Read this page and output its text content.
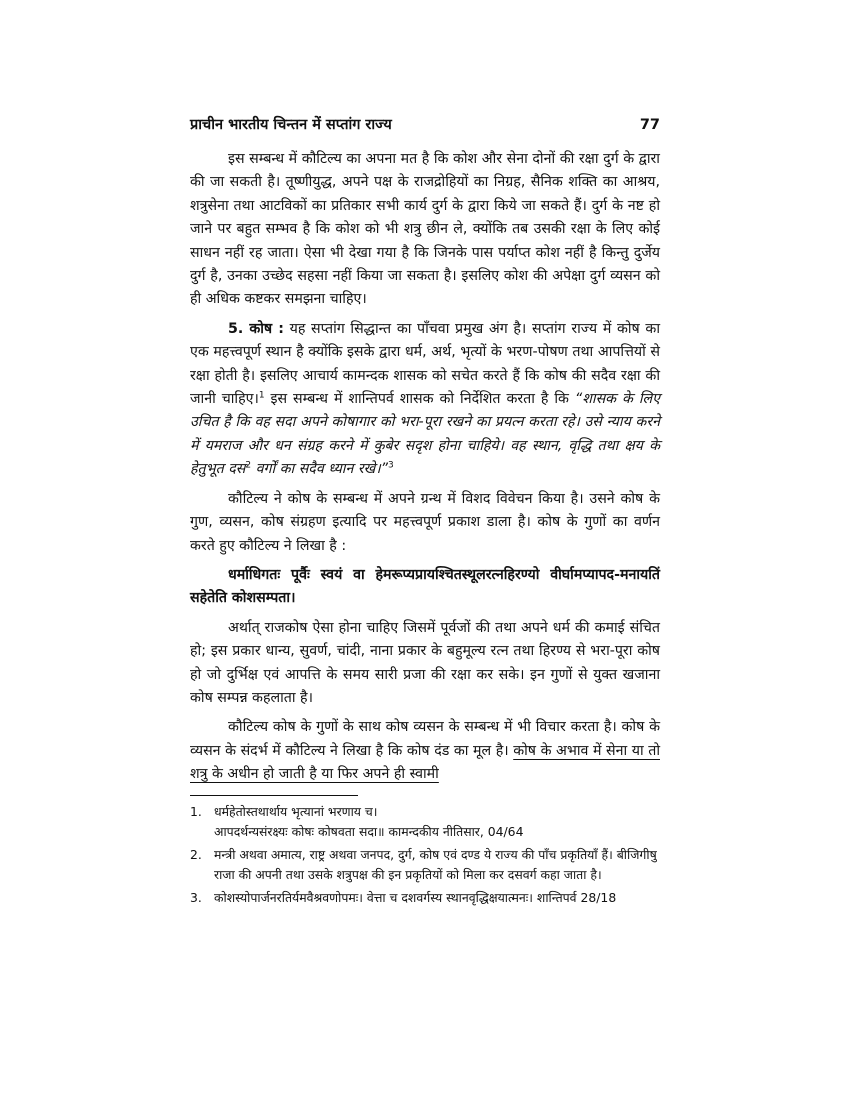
प्राचीन भारतीय चिन्तन में सप्तांग राज्य	77

इस सम्बन्ध में कौटिल्य का अपना मत है कि कोश और सेना दोनों की रक्षा दुर्ग के द्वारा की जा सकती है। तूष्णीयुद्ध, अपने पक्ष के राजद्रोहियों का निग्रह, सैनिक शक्ति का आश्रय, शत्रुसेना तथा आटविकों का प्रतिकार सभी कार्य दुर्ग के द्वारा किये जा सकते हैं। दुर्ग के नष्ट हो जाने पर बहुत सम्भव है कि कोश को भी शत्रु छीन ले, क्योंकि तब उसकी रक्षा के लिए कोई साधन नहीं रह जाता। ऐसा भी देखा गया है कि जिनके पास पर्याप्त कोश नहीं है किन्तु दुर्जेय दुर्ग है, उनका उच्छेद सहसा नहीं किया जा सकता है। इसलिए कोश की अपेक्षा दुर्ग व्यसन को ही अधिक कष्टकर समझना चाहिए।

5. कोष : यह सप्तांग सिद्धान्त का पाँचवा प्रमुख अंग है। सप्तांग राज्य में कोष का एक महत्त्वपूर्ण स्थान है क्योंकि इसके द्वारा धर्म, अर्थ, भृत्यों के भरण-पोषण तथा आपत्तियों से रक्षा होती है। इसलिए आचार्य कामन्दक शासक को सचेत करते हैं कि कोष की सदैव रक्षा की जानी चाहिए।$^1$ इस सम्बन्ध में शान्तिपर्व शासक को निर्देशित करता है कि “शासक के लिए उचित है कि वह सदा अपने कोषागार को भरा-पूरा रखने का प्रयत्न करता रहे। उसे न्याय करने में यमराज और धन संग्रह करने में कुबेर सदृश होना चाहिये। वह स्थान, वृद्धि तथा क्षय के हेतुभूत दस$^2$ वर्गों का सदैव ध्यान रखे।”$^3$

कौटिल्य ने कोष के सम्बन्ध में अपने ग्रन्थ में विशद विवेचन किया है। उसने कोष के गुण, व्यसन, कोष संग्रहण इत्यादि पर महत्त्वपूर्ण प्रकाश डाला है। कोष के गुणों का वर्णन करते हुए कौटिल्य ने लिखा है :

धर्माधिगतः पूर्वैः स्वयं वा हेमरूप्यप्रायश्चितस्थूलरत्नहिरण्यो वीर्घामप्यापद-मनायतिं सहेतेति कोशसम्पता।

अर्थात् राजकोष ऐसा होना चाहिए जिसमें पूर्वजों की तथा अपने धर्म की कमाई संचित हो; इस प्रकार धान्य, सुवर्ण, चांदी, नाना प्रकार के बहुमूल्य रत्न तथा हिरण्य से भरा-पूरा कोष हो जो दुर्भिक्ष एवं आपत्ति के समय सारी प्रजा की रक्षा कर सके। इन गुणों से युक्त खजाना कोष सम्पन्न कहलाता है।

कौटिल्य कोष के गुणों के साथ कोष व्यसन के सम्बन्ध में भी विचार करता है। कोष के व्यसन के संदर्भ में कौटिल्य ने लिखा है कि कोष दंड का मूल है। कोष के अभाव में सेना या तो शत्रु के अधीन हो जाती है या फिर अपने ही स्वामी

1. धर्महेतोस्तथार्थाय भृत्यानां भरणाय च।
आपदर्थन्यसंरक्ष्यः कोषः कोषवता सदा॥ कामन्दकीय नीतिसार, 04/64
2. मन्त्री अथवा अमात्य, राष्ट्र अथवा जनपद, दुर्ग, कोष एवं दण्ड ये राज्य की पाँच प्रकृतियाँ हैं। बीजिगीषु राजा की अपनी तथा उसके शत्रुपक्ष की इन प्रकृतियों को मिला कर दसवर्ग कहा जाता है।
3. कोशस्योपार्जनरतिर्यमवैश्रवणोपमः। वेत्ता च दशवर्गस्य स्थानवृद्धिक्षयात्मनः। शान्तिपर्व 28/18
